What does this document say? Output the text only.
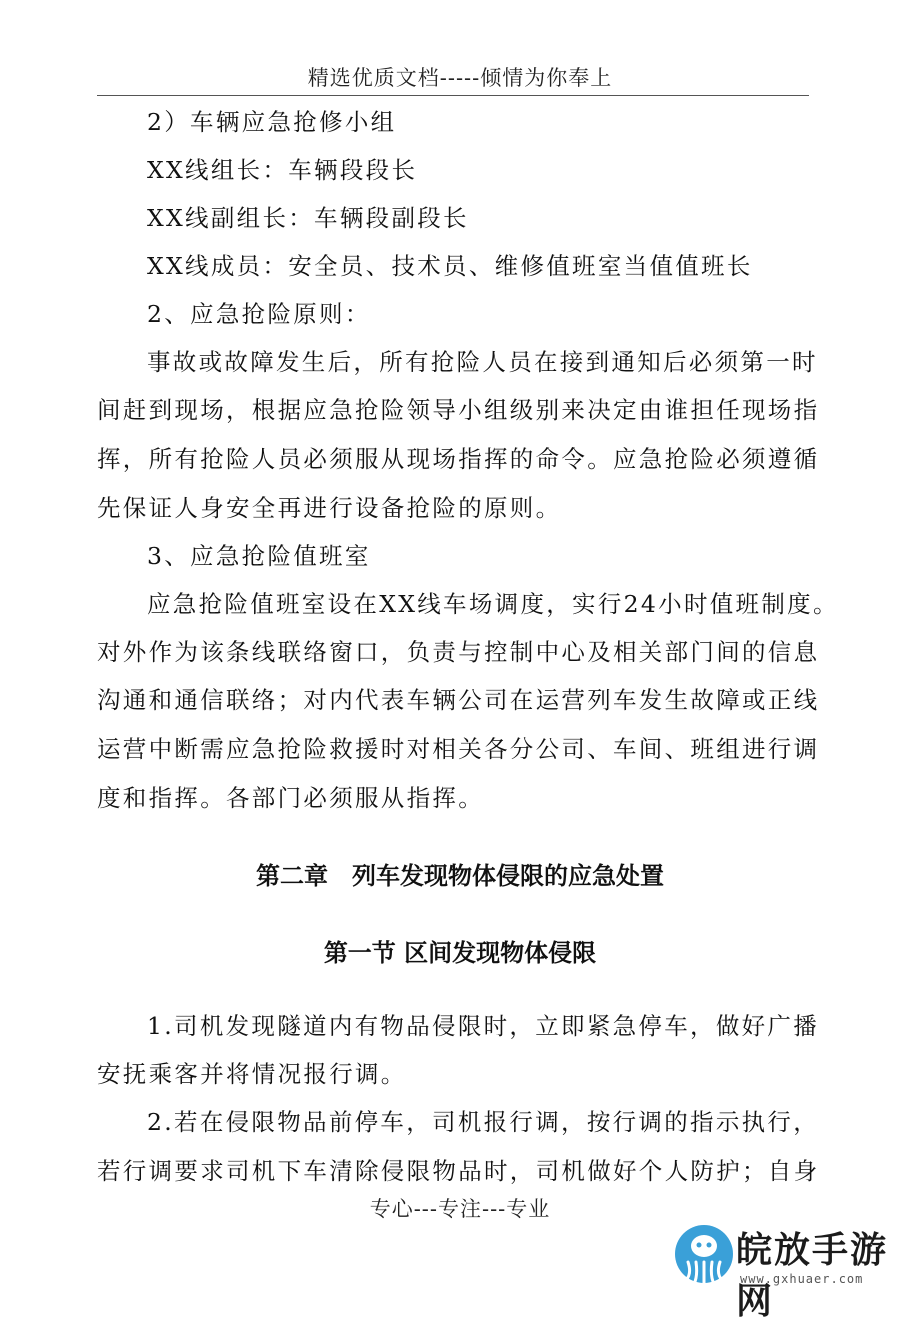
精选优质文档-----倾情为你奉上
2）车辆应急抢修小组
XX线组长：车辆段段长
XX线副组长：车辆段副段长
XX线成员：安全员、技术员、维修值班室当值值班长
2、应急抢险原则：
事故或故障发生后，所有抢险人员在接到通知后必须第一时
间赶到现场，根据应急抢险领导小组级别来决定由谁担任现场指
挥，所有抢险人员必须服从现场指挥的命令。应急抢险必须遵循
先保证人身安全再进行设备抢险的原则。
3、应急抢险值班室
应急抢险值班室设在XX线车场调度，实行24小时值班制度。
对外作为该条线联络窗口，负责与控制中心及相关部门间的信息
沟通和通信联络；对内代表车辆公司在运营列车发生故障或正线
运营中断需应急抢险救援时对相关各分公司、车间、班组进行调
度和指挥。各部门必须服从指挥。
第二章　列车发现物体侵限的应急处置
第一节 区间发现物体侵限
1.司机发现隧道内有物品侵限时，立即紧急停车，做好广播
安抚乘客并将情况报行调。
2.若在侵限物品前停车，司机报行调，按行调的指示执行，
若行调要求司机下车清除侵限物品时，司机做好个人防护；自身
专心---专注---专业
皖放手游网
www.gxhuaer.com
